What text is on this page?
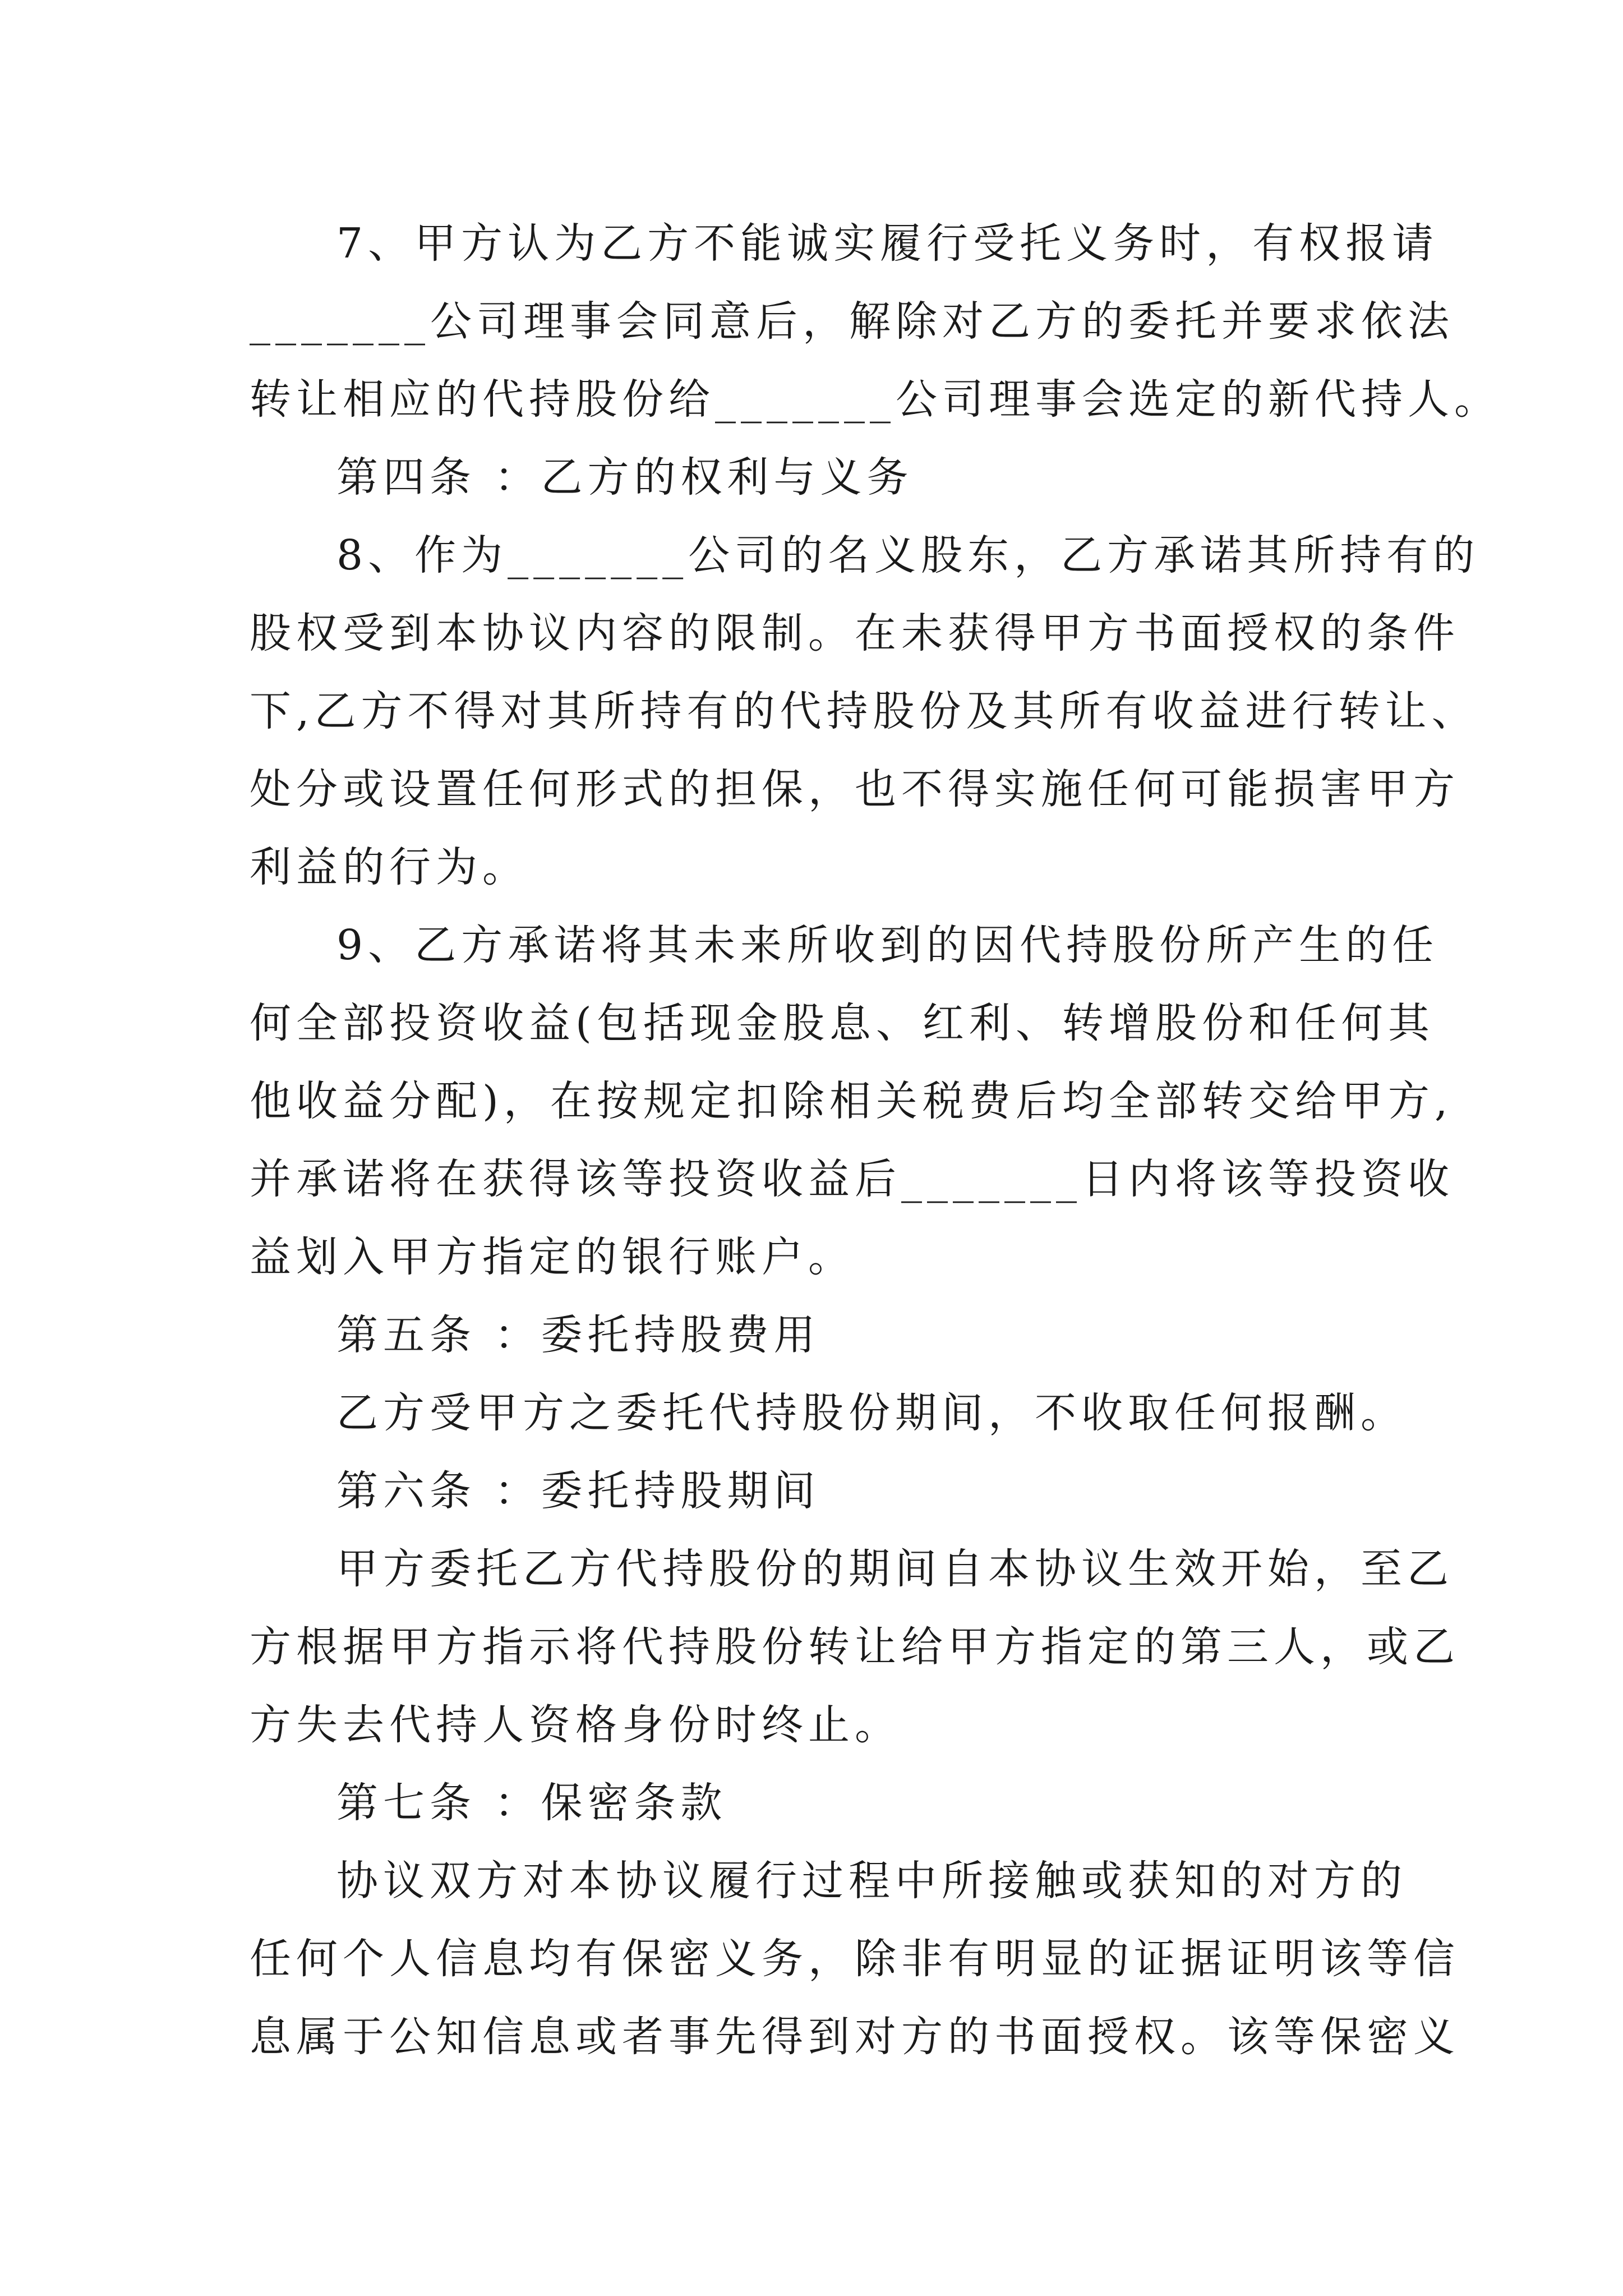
7、甲方认为乙方不能诚实履行受托义务时，有权报请
_______公司理事会同意后，解除对乙方的委托并要求依法
转让相应的代持股份给_______公司理事会选定的新代持人。
第四条 ：乙方的权利与义务
8、作为_______公司的名义股东，乙方承诺其所持有的
股权受到本协议内容的限制。在未获得甲方书面授权的条件
下,乙方不得对其所持有的代持股份及其所有收益进行转让、
处分或设置任何形式的担保，也不得实施任何可能损害甲方
利益的行为。
9、乙方承诺将其未来所收到的因代持股份所产生的任
何全部投资收益(包括现金股息、红利、转增股份和任何其
他收益分配)，在按规定扣除相关税费后均全部转交给甲方,
并承诺将在获得该等投资收益后_______日内将该等投资收
益划入甲方指定的银行账户。
第五条 ：委托持股费用
乙方受甲方之委托代持股份期间，不收取任何报酬。
第六条 ：委托持股期间
甲方委托乙方代持股份的期间自本协议生效开始，至乙
方根据甲方指示将代持股份转让给甲方指定的第三人，或乙
方失去代持人资格身份时终止。
第七条 ：保密条款
协议双方对本协议履行过程中所接触或获知的对方的
任何个人信息均有保密义务，除非有明显的证据证明该等信
息属于公知信息或者事先得到对方的书面授权。该等保密义
